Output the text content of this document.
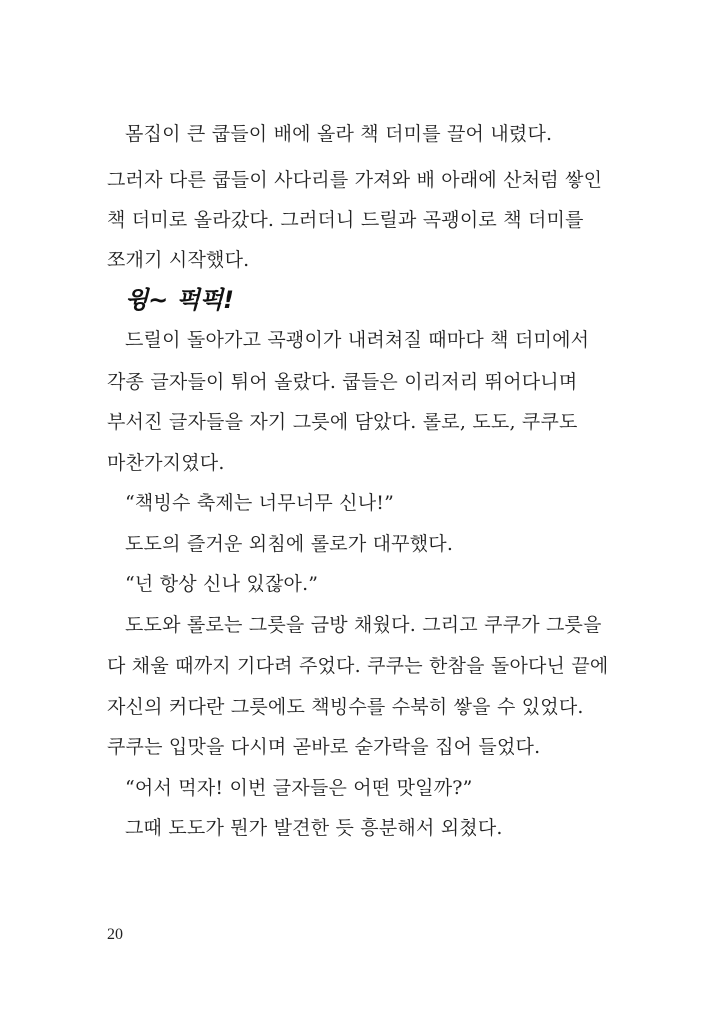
몸집이 큰 쿱들이 배에 올라 책 더미를 끌어 내렸다.

그러자 다른 쿱들이 사다리를 가져와 배 아래에 산처럼 쌓인

책 더미로 올라갔다. 그러더니 드릴과 곡괭이로 책 더미를

쪼개기 시작했다.

윙~ 퍽퍽!

드릴이 돌아가고 곡괭이가 내려쳐질 때마다 책 더미에서

각종 글자들이 튀어 올랐다. 쿱들은 이리저리 뛰어다니며

부서진 글자들을 자기 그릇에 담았다. 롤로, 도도, 쿠쿠도

마찬가지였다.

“책빙수 축제는 너무너무 신나!”

도도의 즐거운 외침에 롤로가 대꾸했다.

“넌 항상 신나 있잖아.”

도도와 롤로는 그릇을 금방 채웠다. 그리고 쿠쿠가 그릇을

다 채울 때까지 기다려 주었다. 쿠쿠는 한참을 돌아다닌 끝에

자신의 커다란 그릇에도 책빙수를 수북히 쌓을 수 있었다.

쿠쿠는 입맛을 다시며 곧바로 숟가락을 집어 들었다.

“어서 먹자! 이번 글자들은 어떤 맛일까?”

그때 도도가 뭔가 발견한 듯 흥분해서 외쳤다.

20
